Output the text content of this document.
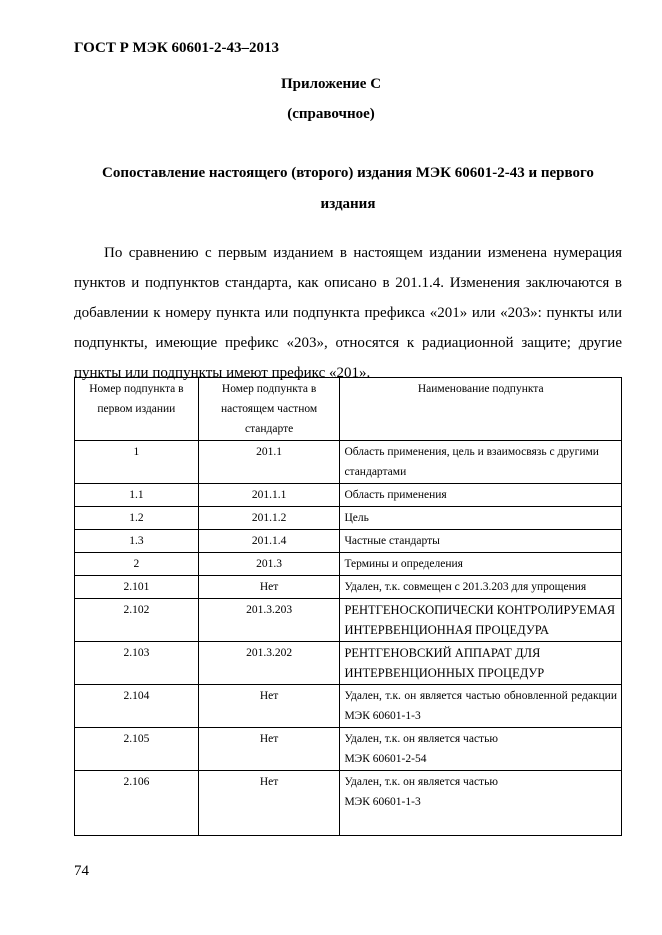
ГОСТ Р МЭК 60601-2-43–2013
Приложение С
(справочное)
Сопоставление настоящего (второго) издания МЭК 60601-2-43 и первого издания

По сравнению с первым изданием в настоящем издании изменена нумерация пунктов и подпунктов стандарта, как описано в 201.1.4. Изменения заключаются в добавлении к номеру пункта или подпункта префикса «201» или «203»: пункты или подпункты, имеющие префикс «203», относятся к радиационной защите; другие пункты или подпункты имеют префикс «201».

Номер подпункта в первом издании	Номер подпункта в настоящем частном стандарте	Наименование подпункта
1	201.1	Область применения, цель и взаимосвязь с другими стандартами
1.1	201.1.1	Область применения
1.2	201.1.2	Цель
1.3	201.1.4	Частные стандарты
2	201.3	Термины и определения
2.101	Нет	Удален, т.к. совмещен с 201.3.203 для упрощения
2.102	201.3.203	РЕНТГЕНОСКОПИЧЕСКИ КОНТРОЛИРУЕМАЯ ИНТЕРВЕНЦИОННАЯ ПРОЦЕДУРА
2.103	201.3.202	РЕНТГЕНОВСКИЙ АППАРАТ ДЛЯ ИНТЕРВЕНЦИОННЫХ ПРОЦЕДУР
2.104	Нет	Удален, т.к. он является частью обновленной редакции МЭК 60601-1-3
2.105	Нет	Удален, т.к. он является частью МЭК 60601-2-54
2.106	Нет	Удален, т.к. он является частью МЭК 60601-1-3
74
